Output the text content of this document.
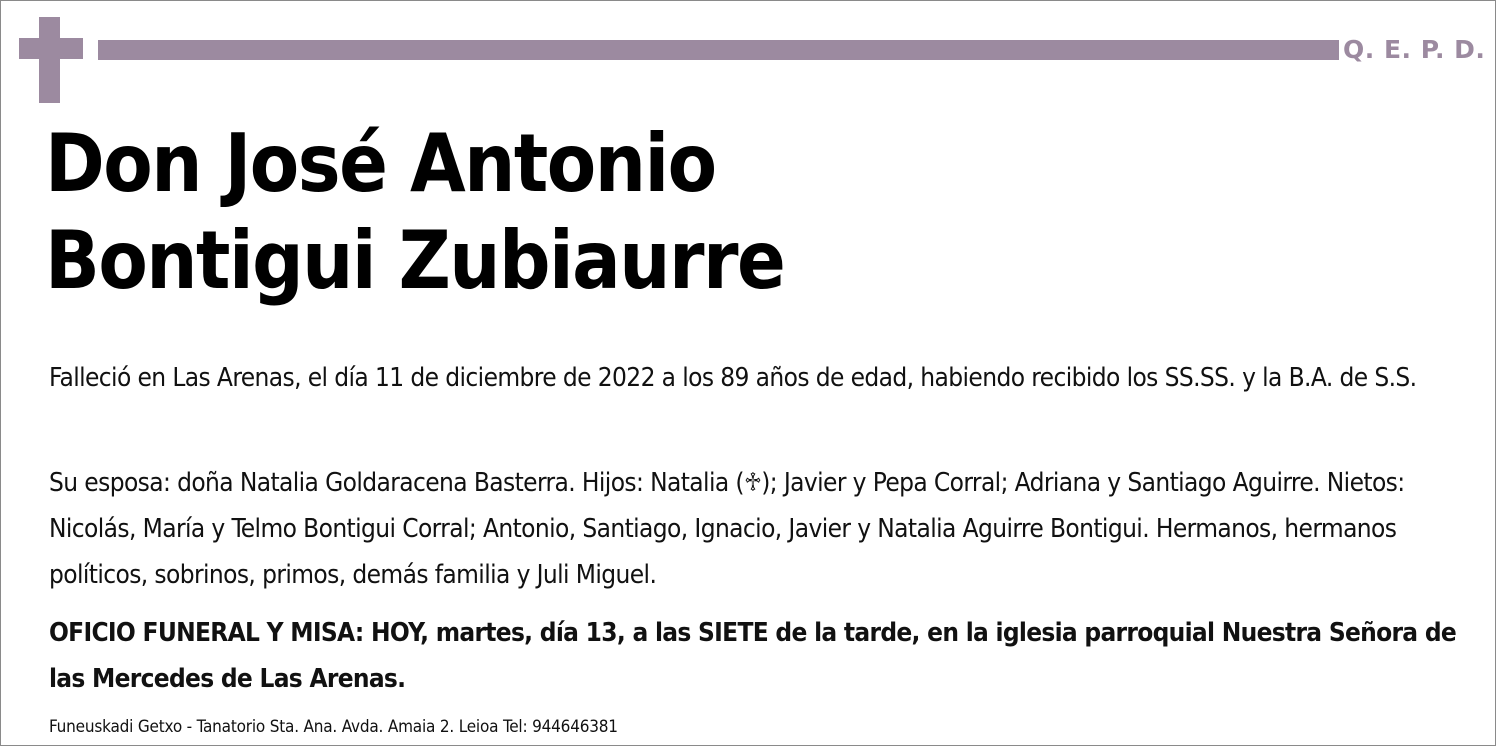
Q. E. P. D.
Don José Antonio
Bontigui Zubiaurre
Falleció en Las Arenas, el día 11 de diciembre de 2022 a los 89 años de edad, habiendo recibido los SS.SS. y la B.A. de S.S.
Su esposa: doña Natalia Goldaracena Basterra. Hijos: Natalia (♱); Javier y Pepa Corral; Adriana y Santiago Aguirre. Nietos: Nicolás, María y Telmo Bontigui Corral; Antonio, Santiago, Ignacio, Javier y Natalia Aguirre Bontigui. Hermanos, hermanos políticos, sobrinos, primos, demás familia y Juli Miguel.
OFICIO FUNERAL Y MISA: HOY, martes, día 13, a las SIETE de la tarde, en la iglesia parroquial Nuestra Señora de las Mercedes de Las Arenas.
Funeuskadi Getxo - Tanatorio Sta. Ana. Avda. Amaia 2. Leioa Tel: 944646381
